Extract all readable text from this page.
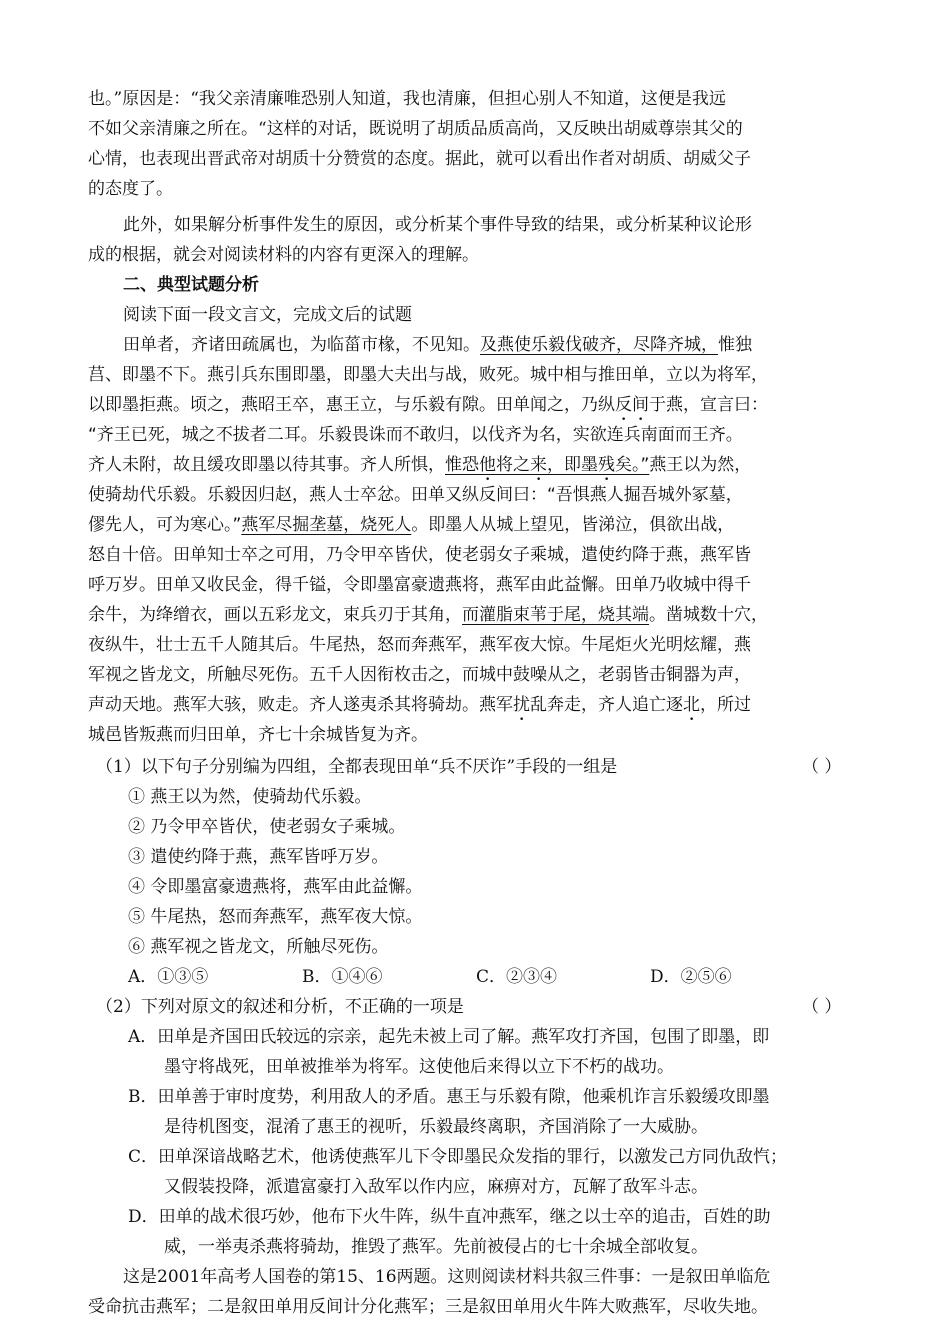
也。”原因是：“我父亲清廉唯恐别人知道，我也清廉，但担心别人不知道，这便是我远
不如父亲清廉之所在。“这样的对话，既说明了胡质品质高尚，又反映出胡威尊崇其父的
心情，也表现出晋武帝对胡质十分赞赏的态度。据此，就可以看出作者对胡质、胡威父子
的态度了。
此外，如果解分析事件发生的原因，或分析某个事件导致的结果，或分析某种议论形
成的根据，就会对阅读材料的内容有更深入的理解。
二、典型试题分析
阅读下面一段文言文，完成文后的试题
田单者，齐诸田疏属也，为临菑市椽，不见知。及燕使乐毅伐破齐，尽降齐城，惟独
莒、即墨不下。燕引兵东围即墨，即墨大夫出与战，败死。城中相与推田单，立以为将军，
以即墨拒燕。顷之，燕昭王卒，惠王立，与乐毅有隙。田单闻之，乃纵反间于燕，宣言曰：
“齐王已死，城之不拔者二耳。乐毅畏诛而不敢归，以伐齐为名，实欲连兵南面而王齐。
齐人未附，故且缓攻即墨以待其事。齐人所惧，惟恐他将之来，即墨残矣。”燕王以为然，
使骑劫代乐毅。乐毅因归赵，燕人士卒忿。田单又纵反间曰：“吾惧燕人掘吾城外冢墓，
僇先人，可为寒心。”燕军尽掘垄墓，烧死人。即墨人从城上望见，皆涕泣，俱欲出战，
怒自十倍。田单知士卒之可用，乃令甲卒皆伏，使老弱女子乘城，遣使约降于燕，燕军皆
呼万岁。田单又收民金，得千镒，令即墨富豪遗燕将，燕军由此益懈。田单乃收城中得千
余牛，为绛缯衣，画以五彩龙文，束兵刃于其角，而灌脂束苇于尾，烧其端。凿城数十穴，
夜纵牛，壮士五千人随其后。牛尾热，怒而奔燕军，燕军夜大惊。牛尾炬火光明炫耀，燕
军视之皆龙文，所触尽死伤。五千人因衔枚击之，而城中鼓噪从之，老弱皆击铜器为声，
声动天地。燕军大骇，败走。齐人遂夷杀其将骑劫。燕军扰乱奔走，齐人追亡逐北，所过
城邑皆叛燕而归田单，齐七十余城皆复为齐。
（1）以下句子分别编为四组，全都表现田单“兵不厌诈”手段的一组是	（ ）
① 燕王以为然，使骑劫代乐毅。
② 乃令甲卒皆伏，使老弱女子乘城。
③ 遣使约降于燕，燕军皆呼万岁。
④ 令即墨富豪遗燕将，燕军由此益懈。
⑤ 牛尾热，怒而奔燕军，燕军夜大惊。
⑥ 燕军视之皆龙文，所触尽死伤。
A．①③⑤	B．①④⑥	C．②③④	D．②⑤⑥
（2）下列对原文的叙述和分析，不正确的一项是	（ ）
A．田单是齐国田氏较远的宗亲，起先未被上司了解。燕军攻打齐国，包围了即墨，即
墨守将战死，田单被推举为将军。这使他后来得以立下不朽的战功。
B．田单善于审时度势，利用敌人的矛盾。惠王与乐毅有隙，他乘机诈言乐毅缓攻即墨
是待机图变，混淆了惠王的视听，乐毅最终离职，齐国消除了一大威胁。
C．田单深谙战略艺术，他诱使燕军儿下令即墨民众发指的罪行，以激发己方同仇敌忾；
又假装投降，派遣富豪打入敌军以作内应，麻痹对方，瓦解了敌军斗志。
D．田单的战术很巧妙，他布下火牛阵，纵牛直冲燕军，继之以士卒的追击，百姓的助
威，一举夷杀燕将骑劫，推毁了燕军。先前被侵占的七十余城全部收复。
这是2001年高考人国卷的第15、16两题。这则阅读材料共叙三件事：一是叙田单临危
受命抗击燕军；二是叙田单用反间计分化燕军；三是叙田单用火牛阵大败燕军，尽收失地。
